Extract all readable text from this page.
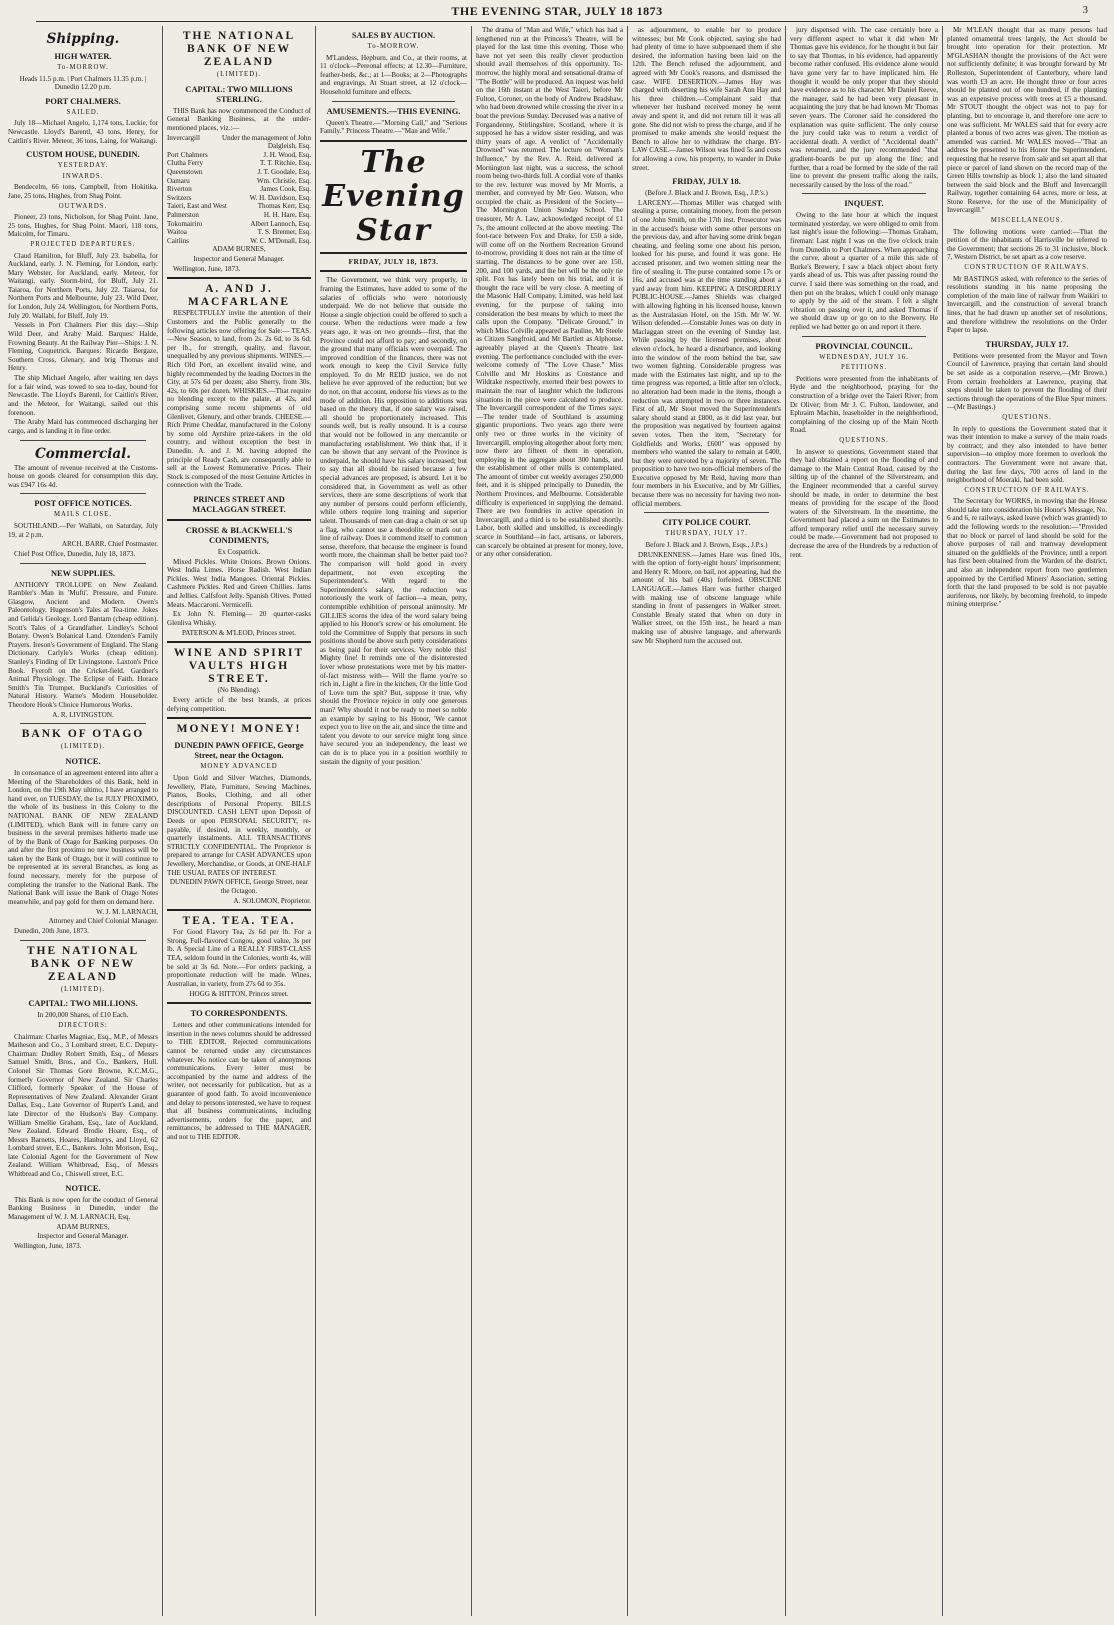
THE EVENING STAR, JULY 18 1873	3
Shipping.
HIGH WATER.
To-MORROW.

Heads 11.5 p.m. | Port Chalmers 11.35 p.m. | Dunedin 12.20 p.m.

PORT CHALMERS.
SAILED.

July 18—Michael Angelo, 1,174 tons, Luckie, for Newcastle. Lloyd's Barentl, 43 tons, Henry, for Caitlin's River. Meteor, 36 tons, Laing, for Waitangi.

CUSTOM HOUSE, DUNEDIN.
YESTERDAY.
INWARDS.

Bendecelm, 66 tons, Campbell, from Hokitika. Jane, 25 tons, Hughes, from Shag Point.

OUTWARDS.

Pioneer, 23 tons, Nicholson, for Shag Point. Jane, 25 tons, Hughes, for Shag Point. Maori, 118 tons, Malcolm, for Timaru.

PROJECTED DEPARTURES.

Claud Hamilton, for Bluff, July 23. Isabella, for Auckland, early. J. N. Fleming, for London, early. Mary Webster, for Auckland, early. Meteor, for Waitangi, early. Storm-bird, for Bluff, July 21. Taiaroa, for Northern Ports, July 22. Taiaroa, for Northern Ports and Melbourne, July 23. Wild Deer, for London, July 24. Wellington, for Northern Ports, July 20. Wallabi, for Bluff, July 19.

Vessels in Port Chalmers Pier this day:—Ship Wild Deer, and Araby Maid. Barques: Halde, Frowning Beauty. At the Railway Pier—Ships: J. N. Fleming, Coquetrick. Barques: Ricardo Bergaze, Southern Cross, Glenary, and brig Thomas and Henry.

The ship Michael Angelo, after waiting ten days for a fair wind, was towed to sea to-day, bound for Newcastle. The Lloyd's Barentl, for Caitlin's River, and the Meteor, for Waitangi, sailed out this forenoon.

The Araby Maid has commenced discharging her cargo, and is landing it in fine order.

Commercial.

The amount of revenue received at the Customs-house on goods cleared for consumption this day, was £947 16s 4d.

POST OFFICE NOTICES.
MAILS CLOSE.

SOUTHLAND.—Per Wallabi, on Saturday, July 19, at 2 p.m.

ARCH. BARR, Chief Postmaster.

Chief Post Office, Dunedin, July 18, 1873.

NEW SUPPLIES.

ANTHONY TROLLOPE on New Zealand. Rambler's Man in 'Mufti'. Pressure, and Future. Glasgow, Ancient and Modern. Owen's Paleontology. Hugenson's Tales at Tea-time. Jokes and Gelida's Geology. Lord Bantam (cheap edition). Scott's Tales of a Grandfather. Lindley's School Botany. Owen's Bolanical Land. Ozenden's Family Prayers. Ireson's Government of England. The Slang Dictionary. Carlyle's Works (cheap edition). Stanley's Finding of Dr Livingstone. Laxton's Price Book. Fyeroft on the Cricket-field. Gardner's Animal Physiology. The Eclipse of Faith. Horace Smith's Tin Trumpet. Buckland's Curiosities of Natural History. Warne's Modern Householder. Theodore Hook's Choice Humorous Works.

A. R. LIVINGSTON.

BANK OF OTAGO
(LIMITED).
NOTICE.

In consonance of an agreement entered into after a Meeting of the Shareholders of this Bank, held in London, on the 19th May ultimo, I have arranged to hand over, on TUESDAY, the 1st JULY PROXIMO, the whole of its business in this Colony to the NATIONAL BANK OF NEW ZEALAND (LIMITED), which Bank will in future carry on business in the several premises hitherto made use of by the Bank of Otago for Banking purposes. On and after the first proximo no new business will be taken by the Bank of Otago, but it will continue to be represented at its several Branches, as long as found necessary, merely for the purpose of completing the transfer to the National Bank. The National Bank will issue the Bank of Otago Notes meanwhile, and pay gold for them on demand here.

W. J. M. LARNACH,

Attorney and Chief Colonial Manager.

Dunedin, 20th June, 1873.

THE NATIONAL BANK OF NEW ZEALAND
(LIMITED).
CAPITAL: TWO MILLIONS.

In 200,000 Shares, of £10 Each.

DIRECTORS:

Chairman: Charles Magniac, Esq., M.P., of Messrs Matheson and Co., 3 Lombard street, E.C. Deputy-Chairman: Dudley Robert Smith, Esq., of Messrs Samuel Smith, Bros., and Co., Bankers, Hull. Colonel Sir Thomas Gore Browne, K.C.M.G., formerly Governor of New Zealand. Sir Charles Clifford, formerly Speaker of the House of Representatives of New Zealand. Alexander Grant Dallas, Esq., Late Governor of Rupert's Land, and late Director of the Hudson's Bay Company. William Smellie Graham, Esq., late of Auckland, New Zealand. Edward Brodie Hoare, Esq., of Messrs Barnetts, Hoares, Hanburys, and Lloyd, 62 Lombard street, E.C., Bankers. John Morison, Esq., late Colonial Agent for the Government of New Zealand. William Whitbread, Esq., of Messrs Whitbread and Co., Chiswell street, E.C.

NOTICE.

This Bank is now open for the conduct of General Banking Business in Dunedin, under the Management of W. J. M. LARNACH, Esq.

ADAM BURNES,

Inspector and General Manager.

Wellington, June, 1873.

THE NATIONAL BANK OF NEW ZEALAND
(LIMITED).
CAPITAL: TWO MILLIONS STERLING.

THIS Bank has now commenced the Conduct of General Banking Business, at the under-mentioned places, viz.:—

Invercargill	Under the management of John Dalgleish, Esq.
Port Chalmers	J. H. Wood, Esq.
Clutha Ferry	T. T. Ritchie, Esq.
Queenstown	J. T. Goodale, Esq.
Oamaru	Wm. Christie, Esq.
Riverton	James Cook, Esq.
Switzers	W. H. Davidson, Esq.
Taieri, East and West	Thomas Kerr, Esq.
Palmerston	H. H. Hare, Esq.
Tokomairiro	Albert Lannoch, Esq.
Waitoa	T. S. Brenner, Esq.
Caitlins	W. C. M'Donall, Esq.

ADAM BURNES,

Inspector and General Manager.

Wellington, June, 1873.

A. AND J. MACFARLANE

RESPECTFULLY invite the attention of their Customers and the Public generally to the following articles now offering for Sale:— TEAS.—New Season, to land, from 2s. 2s 6d, to 3s 6d; per lb., for strength, quality, and flavour, unequalled by any previous shipments. WINES.—Rich Old Port, an excellent invalid wine, and highly recommended by the leading Doctors in the City, at 57s 6d per dozen; also Sherry, from 30s, 42s, to 60s per dozen. WHISKIES.—That require no blending except to the palate, at 42s, and comprising some recent shipments of old Glenlivet, Glenury, and other brands. CHEESE.—Rich Prime Cheddar, manufactured in the Colony by some old Ayrshire prize-takers in the old country, and without exception the best in Dunedin. A. and J. M. having adopted the principle of Ready Cash, are consequently able to sell at the Lowest Remunerative Prices. Their Stock is composed of the most Genuine Articles in connection with the Trade.

PRINCES STREET AND MACLAGGAN STREET.
CROSSE & BLACKWELL'S CONDIMENTS,

Ex Cospatrick.

Mixed Pickles. White Onions. Brown Onions. West India Limes. Horse Radish. West Indian Pickles. West India Mangoes. Oriental Pickles. Cashmere Pickles. Red and Green Chillies. Jams and Jellies. Calfsfoot Jelly. Spanish Olives. Potted Meats. Maccaroni. Vermicelli.

Ex John N. Fleming— 20 quarter-casks Glenliva Whisky.

PATERSON & M'LEOD, Princes street.

WINE AND SPIRIT VAULTS HIGH STREET.

(No Blending).

Every article of the best brands, at prices defying competition.

MONEY! MONEY!
DUNEDIN PAWN OFFICE, George Street, near the Octagon.
MONEY ADVANCED

Upon Gold and Silver Watches, Diamonds, Jewellery, Plate, Furniture, Sewing Machines, Pianos, Books, Clothing, and all other descriptions of Personal Property. BILLS DISCOUNTED. CASH LENT upon Deposit of Deeds or upon PERSONAL SECURITY, re-payable, if desired, in weekly, monthly, or quarterly instalments. ALL TRANSACTIONS STRICTLY CONFIDENTIAL. The Proprietor is prepared to arrange for CASH ADVANCES upon Jewellery, Merchandise, or Goods, at ONE-HALF THE USUAL RATES OF INTEREST.

DUNEDIN PAWN OFFICE, George Street, near the Octagon.

A. SOLOMON, Proprietor.

TEA. TEA. TEA.

For Good Flavory Tea, 2s 6d per lb. For a Strong, Full-flavored Congou, good value, 3s per lb. A Special Line of a REALLY FIRST-CLASS TEA, seldom found in the Colonies, worth 4s, will be sold at 3s 6d. Note.—For orders packing, a proportionate reduction will be made. Wines, Australian, in variety, from 27s 6d to 35s.

HOGG & HITTON, Princes street.

TO CORRESPONDENTS.

Letters and other communications intended for insertion in the news columns should be addressed to THE EDITOR. Rejected communications cannot be returned under any circumstances whatever. No notice can be taken of anonymous communications. Every letter must be accompanied by the name and address of the writer, not necessarily for publication, but as a guarantee of good faith. To avoid inconvenience and delay to persons interested, we have to request that all business communications, including advertisements, orders for the paper, and remittances, be addressed to THE MANAGER, and not to THE EDITOR.

SALES BY AUCTION.
To-MORROW.

M'Landess, Hepburn, and Co., at their rooms, at 11 o'clock—Pereonal effects; at 12.30—Furniture, feather-beds, &c.; at 1—Books; at 2—Photographs and engravings. At Stuart street, at 12 o'clock—Household furniture and effects.

AMUSEMENTS.—THIS EVENING.

Queen's Theatre.—"Morning Call," and "Serious Family." Princess Theatre.—"Man and Wife."

The Evening Star
FRIDAY, JULY 18, 1873.

The Government, we think very properly, in framing the Estimates, have added to some of the salaries of officials who were notoriously underpaid. We do not believe that outside the House a single objection could be offered to such a course. When the reductions were made a few years ago, it was on two grounds—first, that the Province could not afford to pay; and secondly, on the ground that many officials were overpaid. The improved condition of the finances, there was not work enough to keep the Civil Service fully employed. To do Mr REID justice, we do not believe he ever approved of the reduction; but we do not, on that account, endorse his views as to the mode of addition. His opposition to additions was based on the theory that, if one salary was raised, all should be proportionately increased. This sounds well, but is really unsound. It is a course that would not be followed in any mercantile or manufacturing establishment. We think that, if it can be shown that any servant of the Province is underpaid, he should have his salary increased; but to say that all should be raised because a few special advances are proposed, is absurd. Let it be considered that, in Government as well as other services, there are some descriptions of work that any number of persons could perform efficiently, while others require long training and superior talent. Thousands of men can drag a chain or set up a flag, who cannot use a theodolite or mark out a line of railway. Does it commend itself to common sense, therefore, that because the engineer is found worth more, the chainman shall be better paid too? The comparison will hold good in every department, not even excepting the Superintendent's. With regard to the Superintendent's salary, the reduction was notoriously the work of faction—a mean, petty, contemptible exhibition of personal animosity. Mr GILLIES scorns the idea of the word salary being applied to his Honor's screw or his emolument. He told the Committee of Supply that persons in such positions should be above such petty considerations as being paid for their services. Very noble this! Mighty fine! It reminds one of the disinterested lover whose protestations were met by his matter-of-fact mistress with— Will the flame you're so rich in, Light a fire in the kitchen, Or the little God of Love turn the spit? But, suppose it true, why should the Province rejoice in only one generous man? Why should it not be ready to meet so noble an example by saying to his Honor, 'We cannot expect you to live on the air, and since the time and talent you devote to our service might long since have secured you an independency, the least we can do is to place you in a position worthily to sustain the dignity of your position.'

The drama of "Man and Wife," which has had a lengthened run at the Princess's Theatre, will be played for the last time this evening. Those who have not yet seen this really clever production should avail themselves of this opportunity. To-morrow, the highly moral and sensational drama of "The Bottle" will be produced. An inquest was held on the 16th instant at the West Taieri, before Mr Fulton, Coroner, on the body of Andrew Bradshaw, who had been drowned while crossing the river in a boat the previous Sunday. Deceased was a native of Forgandenny, Stirlingshire, Scotland, where it is supposed he has a widow sister residing, and was thirty years of age. A verdict of "Accidentally Drowned" was returned. The lecture on "Woman's Influence," by the Rev. A. Reid, delivered at Mornington last night, was a success, the school room being two-thirds full. A cordial vote of thanks to the rev. lecturer was moved by Mr Morris, a member, and conveyed by Mr Geo. Watson, who occupied the chair, as President of the Society—The Mornington Union Sunday School. The treasurer, Mr A. Law, acknowledged receipt of £1 7s, the amount collected at the above meeting. The foot-race between Fox and Drake, for £50 a side, will come off on the Northern Recreation Ground to-morrow, providing it does not rain at the time of starting. The distances to be gone over are 150, 200, and 100 yards, and the bet will be the only tie split. Fox has lately been on his trial, and it is thought the race will be very close. A meeting of the Masonic Hall Company, Limited, was held last evening, for the purpose of taking into consideration the best means by which to meet the calls upon the Company. "Delicate Ground," in which Miss Colville appeared as Pauline, Mr Steele as Citizen Sangfroid, and Mr Bartlett as Alphonse, agreeably played at the Queen's Theatre last evening. The performance concluded with the ever-welcome comedy of "The Love Chase." Miss Colville and Mr Hoskins as Constance and Wildrake respectively, exerted their best powers to maintain the roar of laughter which the ludicrous situations in the piece were calculated to produce. The Invercargill correspondent of the Times says:—The tender trade of Southland is assuming gigantic proportions. Two years ago there were only two or three works in the vicinity of Invercargill, employing altogether about forty men; now there are fifteen of them in operation, employing in the aggregate about 300 hands, and the establishment of other mills is contemplated. The amount of timber cut weekly averages 250,000 feet, and it is shipped principally to Dunedin, the Northern Provinces, and Melbourne. Considerable difficulty is experienced in supplying the demand. There are two foundries in active operation in Invercargill, and a third is to be established shortly. Labor, both skilled and unskilled, is exceedingly scarce in Southland—in fact, artisans, or laborers, can scarcely be obtained at present for money, love, or any other consideration.

as adjournment, to enable her to produce witnesses; but Mr Cook objected, saying she had had plenty of time to have subpoenaed them if she desired, the information having been laid on the 12th. The Bench refused the adjournment, and agreed with Mr Cook's reasons, and dismissed the case. WIFE DESERTION.—James Hay was charged with deserting his wife Sarah Ann Hay and his three children.—Complainant said that whenever her husband received money he went away and spent it, and did not return till it was all gone. She did not wish to press the charge, and if he promised to make amends she would request the Bench to allow her to withdraw the charge. BY-LAW CASE.—James Wilson was fined 5s and costs for allowing a cow, his property, to wander in Duke street.

FRIDAY, JULY 18.

(Before J. Black and J. Brown, Esq., J.P.'s.)

LARCENY.—Thomas Miller was charged with stealing a purse, containing money, from the person of one John Smith, on the 17th inst. Prosecutor was in the accused's house with some other persons on the previous day, and after having some drink began cheating, and feeling some one about his person, looked for his purse, and found it was gone. He accused prisoner, and two women sitting near the fire of stealing it. The purse contained some 17s or 16s, and accused was at the time standing about a yard away from him. KEEPING A DISORDERLY PUBLIC-HOUSE.—James Shields was charged with allowing fighting in his licensed house, known as the Australasian Hotel, on the 15th. Mr W. W. Wilson defended.—Constable Jones was on duty in Maclaggan street on the evening of Sunday last. While passing by the licensed premises, about eleven o'clock, he heard a disturbance, and looking into the window of the room behind the bar, saw two women fighting. Considerable progress was made with the Estimates last night, and up to the time progress was reported, a little after ten o'clock, no alteration had been made in the items, though a reduction was attempted in two or three instances. First of all, Mr Stout moved the Superintendent's salary should stand at £800, as it did last year, but the proposition was negatived by fourteen against seven votes. Then the item, "Secretary for Goldfields and Works, £600" was opposed by members who wanted the salary to remain at £400, but they were outvoted by a majority of seven. The proposition to have two non-official members of the Executive opposed by Mr Reid, having more than four members in his Executive, and by Mr Gillies, because there was no necessity for having two non-official members.

CITY POLICE COURT.
THURSDAY, JULY 17.

Before J. Black and J. Brown, Esqs., J.P.s.)

DRUNKENNESS.—James Hare was fined 10s, with the option of forty-eight hours' imprisonment; and Henry R. Moore, on bail, not appearing, had the amount of his bail (40s) forfeited. OBSCENE LANGUAGE.—James Hare was further charged with making use of obscene language while standing in front of passengers in Walker street. Constable Brealy stated that when on duty in Walker street, on the 15th inst., he heard a man making use of abusive language, and afterwards saw Mr Shepherd turn the accused out.

jury dispensed with. The case certainly bore a very different aspect to what it did when Mr Thomas gave his evidence, for he thought it but fair to say that Thomas, in his evidence, had apparently become rather confused. His evidence alone would have gone very far to have implicated him. He thought it would be only proper that they should have evidence as to his character. Mr Daniel Reeve, the manager, said he had been very pleasant in acquainting the jury that he had known Mr Thomas seven years. The Coroner said he considered the explanation was quite sufficient. The only course the jury could take was to return a verdict of accidental death. A verdict of "Accidental death" was returned, and the jury recommended "that gradient-boards be put up along the line; and further, that a road be formed by the side of the rail line to prevent the present traffic along the rails, necessarily caused by the loss of the road."

INQUEST.

Owing to the late hour at which the inquest terminated yesterday, we were obliged to omit from last night's issue the following:—Thomas Graham, fireman: Last night I was on the five o'clock train from Dunedin to Port Chalmers. When approaching the curve, about a quarter of a mile this side of Burke's Brewery, I saw a black object about forty yards ahead of us. This was after passing round the curve. I said there was something on the road, and then put on the brakes, which I could only manage to apply by the aid of the steam. I felt a slight vibration on passing over it, and asked Thomas if we should draw up or go on to the Brewery. He replied we had better go on and report it there.

PROVINCIAL COUNCIL.
WEDNESDAY, JULY 16.
PETITIONS.

Petitions were presented from the inhabitants of Hyde and the neighborhood, praying for the construction of a bridge over the Taieri River; from Dr Oliver; from Mr J. C. Fulton, landowner, and Ephraim Machin, leaseholder in the neighborhood, complaining of the closing up of the Main North Road.

QUESTIONS.

In answer to questions, Government stated that they had obtained a report on the flooding of and damage to the Main Central Road, caused by the silting up of the channel of the Silverstream, and the Engineer recommended that a careful survey should be made, in order to determine the best means of providing for the escape of the flood waters of the Silverstream. In the meantime, the Government had placed a sum on the Estimates to afford temporary relief until the necessary survey could be made.—Government had not proposed to decrease the area of the Hundreds by a reduction of rent.

Mr M'LEAN thought that as many persons had planted ornamental trees largely, the Act should be brought into operation for their protection. Mr M'GLASHAN thought the provisions of the Act were not sufficiently definite; it was brought forward by Mr Rolleston, Superintendent of Canterbury, where land was worth £3 an acre. He thought three or four acres should be planted out of one hundred, if the planting was an expensive process with trees at £5 a thousand. Mr STOUT thought the object was not to pay for planting, but to encourage it, and therefore one acre to one was sufficient. Mr WALES said that for every acre planted a bonus of two acres was given. The motion as amended was carried. Mr WALES moved—"That an address be presented to his Honor the Superintendent, requesting that he reserve from sale and set apart all that piece or parcel of land shown on the record map of the Green Hills township as block 1; also the land situated between the said block and the Bluff and Invercargill Railway, together containing 64 acres, more or less, at Stone Reserve, for the use of the Municipality of Invercargill."

MISCELLANEOUS.

The following motions were carried:—That the petition of the inhabitants of Harrisville be referred to the Government; that sections 26 to 31 inclusive, block 7, Western District, be set apart as a cow reserve.

CONSTRUCTION OF RAILWAYS.

Mr BASTINGS asked, with reference to the series of resolutions standing in his name proposing the completion of the main line of railway from Waikiri to Invercargill, and the construction of several branch lines, that he had drawn up another set of resolutions, and therefore withdrew the resolutions on the Order Paper to lapse.

THURSDAY, JULY 17.

Petitions were presented from the Mayor and Town Council of Lawrence, praying that certain land should be set aside as a corporation reserve,—(Mr Brown.) From certain freeholders at Lawrence, praying that steps should be taken to prevent the flooding of their sections through the operations of the Blue Spur miners.—(Mr Bastings.)

QUESTIONS.

In reply to questions the Government stated that it was their intention to make a survey of the main roads by contract; and they also intended to have better supervision—to employ more foremen to overlook the contractors. The Government were not aware that, during the last few days, 700 acres of land in the neighborhood of Moeraki, had been sold.

CONSTRUCTION OF RAILWAYS.

The Secretary for WORKS, in moving that the House should take into consideration his Honor's Message, No. 6 and 6, re railways, asked leave (which was granted) to add the following words to the resolution:—"Provided that no block or parcel of land should be sold for the above purposes of rail and tramway development situated on the goldfields of the Province, until a report has first been obtained from the Warden of the district, and also an independent report from two gentlemen appointed by the Certified Miners' Association, setting forth that the land proposed to be sold is not payable auriferous, nor likely, by becoming freehold, to impede mining enterprise."
